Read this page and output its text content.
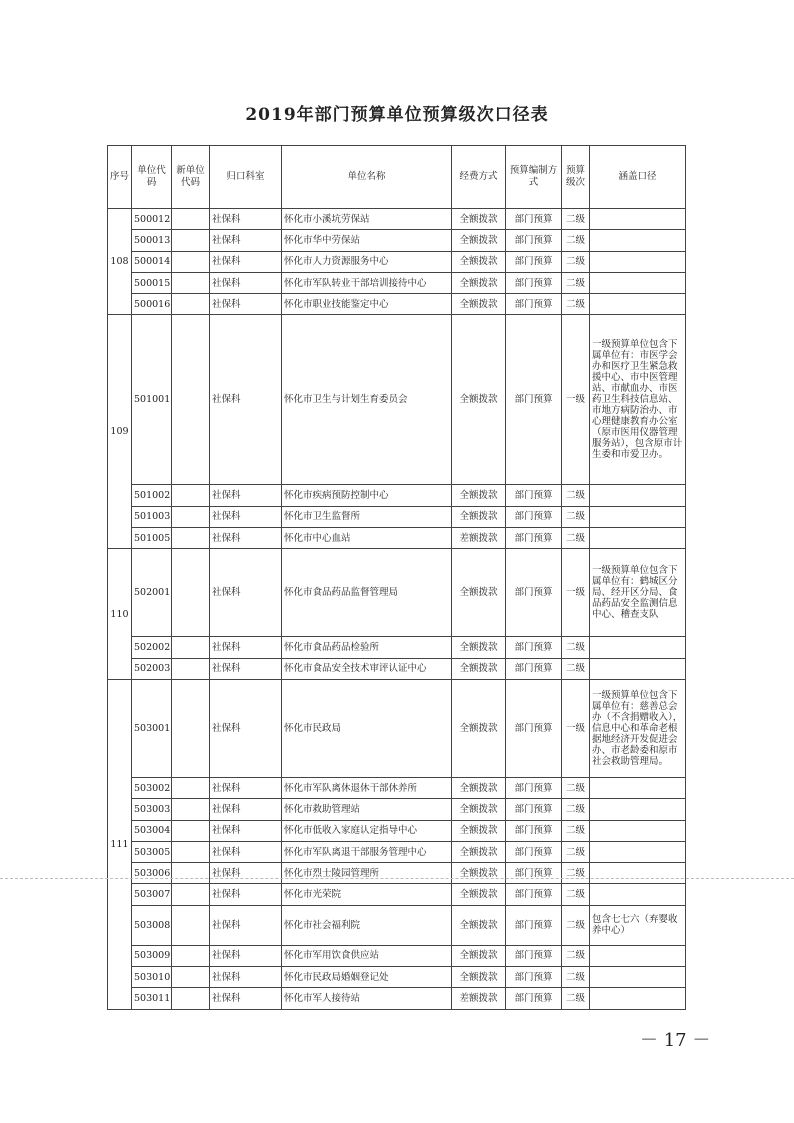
2019年部门预算单位预算级次口径表
序号	单位代码	新单位代码	归口科室	单位名称	经费方式	预算编制方式	预算级次	涵盖口径
108	500012		社保科	怀化市小溪坑劳保站	全额拨款	部门预算	二级	
	500013		社保科	怀化市华中劳保站	全额拨款	部门预算	二级	
	500014		社保科	怀化市人力资源服务中心	全额拨款	部门预算	二级	
	500015		社保科	怀化市军队转业干部培训接待中心	全额拨款	部门预算	二级	
	500016		社保科	怀化市职业技能鉴定中心	全额拨款	部门预算	二级	
109	501001		社保科	怀化市卫生与计划生育委员会	全额拨款	部门预算	一级	一级预算单位包含下属单位有：市医学会办和医疗卫生紧急救援中心、市中医管理站、市献血办、市医药卫生科技信息站、市地方病防治办、市心理健康教育办公室（原市医用仪器管理服务站），包含原市计生委和市爱卫办。
	501002		社保科	怀化市疾病预防控制中心	全额拨款	部门预算	二级	
	501003		社保科	怀化市卫生监督所	全额拨款	部门预算	二级	
	501005		社保科	怀化市中心血站	差额拨款	部门预算	二级	
110	502001		社保科	怀化市食品药品监督管理局	全额拨款	部门预算	一级	一级预算单位包含下属单位有：鹤城区分局、经开区分局、食品药品安全监测信息中心、稽查支队
	502002		社保科	怀化市食品药品检验所	全额拨款	部门预算	二级	
	502003		社保科	怀化市食品安全技术审评认证中心	全额拨款	部门预算	二级	
111	503001		社保科	怀化市民政局	全额拨款	部门预算	一级	一级预算单位包含下属单位有：慈善总会办（不含捐赠收入），信息中心和革命老根据地经济开发促进会办、市老龄委和原市社会救助管理局。
	503002		社保科	怀化市军队离休退休干部休养所	全额拨款	部门预算	二级	
	503003		社保科	怀化市救助管理站	全额拨款	部门预算	二级	
	503004		社保科	怀化市低收入家庭认定指导中心	全额拨款	部门预算	二级	
	503005		社保科	怀化市军队离退干部服务管理中心	全额拨款	部门预算	二级	
	503006		社保科	怀化市烈士陵园管理所	全额拨款	部门预算	二级	
	503007		社保科	怀化市光荣院	全额拨款	部门预算	二级	
	503008		社保科	怀化市社会福利院	全额拨款	部门预算	二级	包含七七六（弃婴收养中心）
	503009		社保科	怀化市军用饮食供应站	全额拨款	部门预算	二级	
	503010		社保科	怀化市民政局婚姻登记处	全额拨款	部门预算	二级	
	503011		社保科	怀化市军人接待站	差额拨款	部门预算	二级	
－ 17 －
